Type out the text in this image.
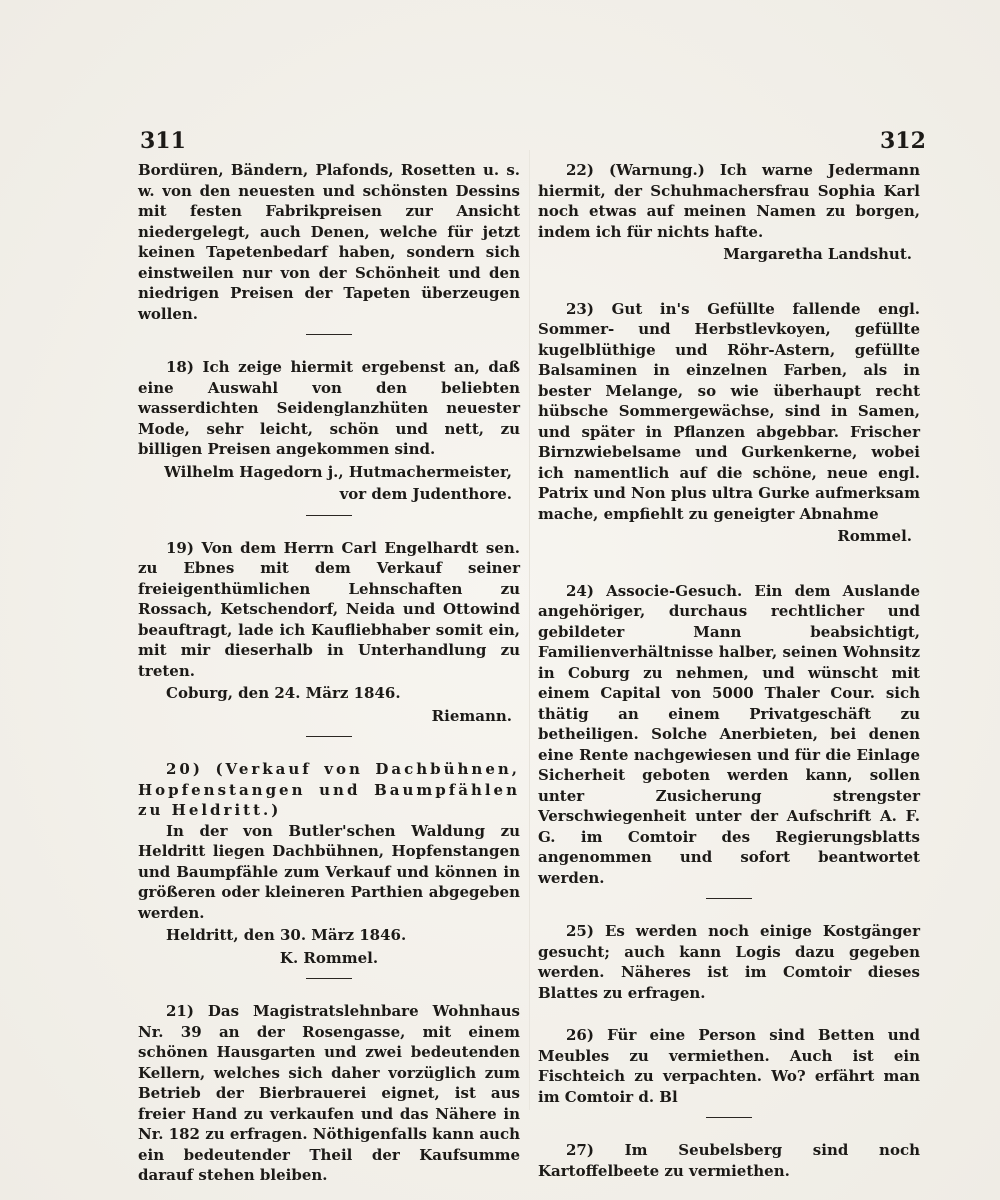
311	312

Bordüren, Bändern, Plafonds, Rosetten u. s. w. von den neuesten und schönsten Dessins mit festen Fabrikpreisen zur Ansicht niedergelegt, auch Denen, welche für jetzt keinen Tapetenbedarf haben, sondern sich einstweilen nur von der Schönheit und den niedrigen Preisen der Tapeten überzeugen wollen.

18) Ich zeige hiermit ergebenst an, daß eine Auswahl von den beliebten wasserdichten Seidenglanzhüten neuester Mode, sehr leicht, schön und nett, zu billigen Preisen angekommen sind.

Wilhelm Hagedorn j., Hutmachermeister,

vor dem Judenthore.

19) Von dem Herrn Carl Engelhardt sen. zu Ebnes mit dem Verkauf seiner freieigenthümlichen Lehnschaften zu Rossach, Ketschendorf, Neida und Ottowind beauftragt, lade ich Kaufliebhaber somit ein, mit mir dieserhalb in Unterhandlung zu treten.

Coburg, den 24. März 1846.

Riemann.

20) (Verkauf von Dachbühnen, Hopfenstangen und Baumpfählen zu Heldritt.)

In der von Butler'schen Waldung zu Heldritt liegen Dachbühnen, Hopfenstangen und Baumpfähle zum Verkauf und können in größeren oder kleineren Parthien abgegeben werden.

Heldritt, den 30. März 1846.

K. Rommel.

21) Das Magistratslehnbare Wohnhaus Nr. 39 an der Rosengasse, mit einem schönen Hausgarten und zwei bedeutenden Kellern, welches sich daher vorzüglich zum Betrieb der Bierbrauerei eignet, ist aus freier Hand zu verkaufen und das Nähere in Nr. 182 zu erfragen. Nöthigenfalls kann auch ein bedeutender Theil der Kaufsumme darauf stehen bleiben.

22) (Warnung.) Ich warne Jedermann hiermit, der Schuhmachersfrau Sophia Karl noch etwas auf meinen Namen zu borgen, indem ich für nichts hafte.

Margaretha Landshut.

23) Gut in's Gefüllte fallende engl. Sommer- und Herbstlevkoyen, gefüllte kugelblüthige und Röhr-Astern, gefüllte Balsaminen in einzelnen Farben, als in bester Melange, so wie überhaupt recht hübsche Sommergewächse, sind in Samen, und später in Pflanzen abgebbar. Frischer Birnzwiebelsame und Gurkenkerne, wobei ich namentlich auf die schöne, neue engl. Patrix und Non plus ultra Gurke aufmerksam mache, empfiehlt zu geneigter Abnahme

Rommel.

24) Associe-Gesuch. Ein dem Auslande angehöriger, durchaus rechtlicher und gebildeter Mann beabsichtigt, Familienverhältnisse halber, seinen Wohnsitz in Coburg zu nehmen, und wünscht mit einem Capital von 5000 Thaler Cour. sich thätig an einem Privatgeschäft zu betheiligen. Solche Anerbieten, bei denen eine Rente nachgewiesen und für die Einlage Sicherheit geboten werden kann, sollen unter Zusicherung strengster Verschwiegenheit unter der Aufschrift A. F. G. im Comtoir des Regierungsblatts angenommen und sofort beantwortet werden.

25) Es werden noch einige Kostgänger gesucht; auch kann Logis dazu gegeben werden. Näheres ist im Comtoir dieses Blattes zu erfragen.

26) Für eine Person sind Betten und Meubles zu vermiethen. Auch ist ein Fischteich zu verpachten. Wo? erfährt man im Comtoir d. Bl

27) Im Seubelsberg sind noch Kartoffelbeete zu vermiethen.
